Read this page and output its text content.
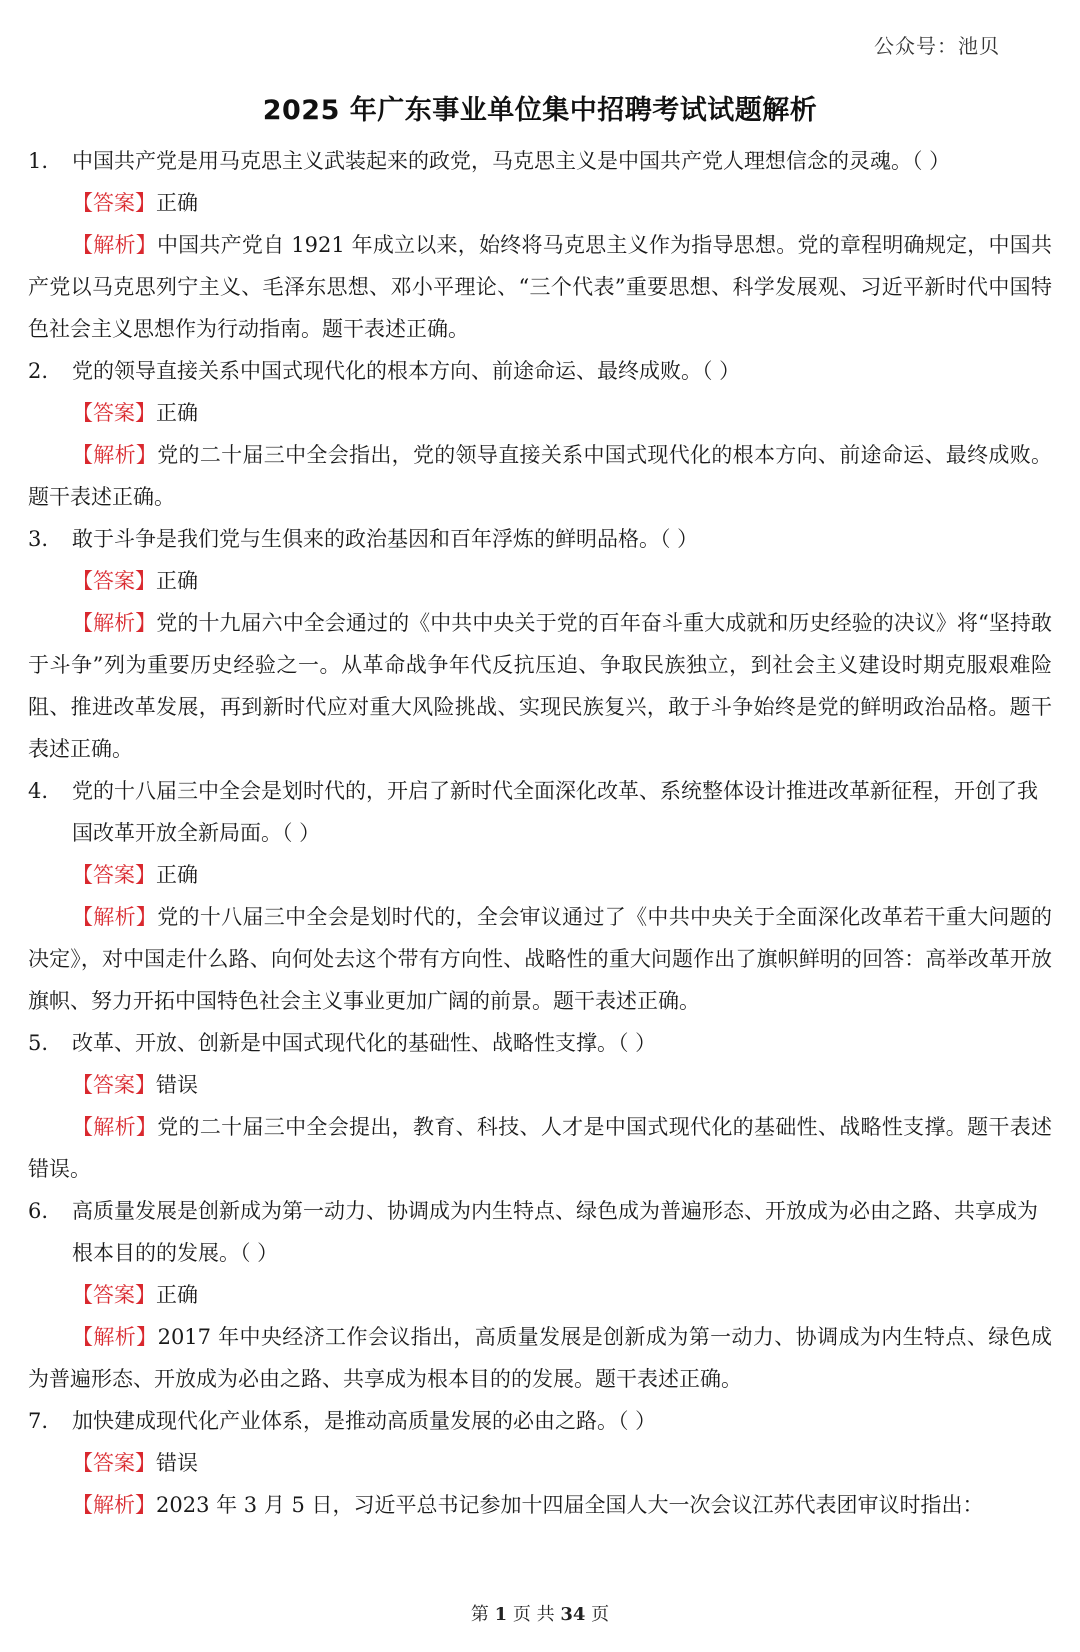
公众号：池贝
2025 年广东事业单位集中招聘考试试题解析
1.	中国共产党是用马克思主义武装起来的政党，马克思主义是中国共产党人理想信念的灵魂。（ ）
【答案】正确
【解析】中国共产党自 1921 年成立以来，始终将马克思主义作为指导思想。党的章程明确规定，中国共产党以马克思列宁主义、毛泽东思想、邓小平理论、“三个代表”重要思想、科学发展观、习近平新时代中国特色社会主义思想作为行动指南。题干表述正确。
2.	党的领导直接关系中国式现代化的根本方向、前途命运、最终成败。（ ）
【答案】正确
【解析】党的二十届三中全会指出，党的领导直接关系中国式现代化的根本方向、前途命运、最终成败。题干表述正确。
3.	敢于斗争是我们党与生俱来的政治基因和百年浮炼的鲜明品格。（ ）
【答案】正确
【解析】党的十九届六中全会通过的《中共中央关于党的百年奋斗重大成就和历史经验的决议》将“坚持敢于斗争”列为重要历史经验之一。从革命战争年代反抗压迫、争取民族独立，到社会主义建设时期克服艰难险阻、推进改革发展，再到新时代应对重大风险挑战、实现民族复兴，敢于斗争始终是党的鲜明政治品格。题干表述正确。
4.	党的十八届三中全会是划时代的，开启了新时代全面深化改革、系统整体设计推进改革新征程，开创了我国改革开放全新局面。（ ）
【答案】正确
【解析】党的十八届三中全会是划时代的，全会审议通过了《中共中央关于全面深化改革若干重大问题的决定》，对中国走什么路、向何处去这个带有方向性、战略性的重大问题作出了旗帜鲜明的回答：高举改革开放旗帜、努力开拓中国特色社会主义事业更加广阔的前景。题干表述正确。
5.	改革、开放、创新是中国式现代化的基础性、战略性支撑。（ ）
【答案】错误
【解析】党的二十届三中全会提出，教育、科技、人才是中国式现代化的基础性、战略性支撑。题干表述错误。
6.	高质量发展是创新成为第一动力、协调成为内生特点、绿色成为普遍形态、开放成为必由之路、共享成为根本目的的发展。（ ）
【答案】正确
【解析】2017 年中央经济工作会议指出，高质量发展是创新成为第一动力、协调成为内生特点、绿色成为普遍形态、开放成为必由之路、共享成为根本目的的发展。题干表述正确。
7.	加快建成现代化产业体系，是推动高质量发展的必由之路。（ ）
【答案】错误
【解析】2023 年 3 月 5 日，习近平总书记参加十四届全国人大一次会议江苏代表团审议时指出：
第 1 页 共 34 页
